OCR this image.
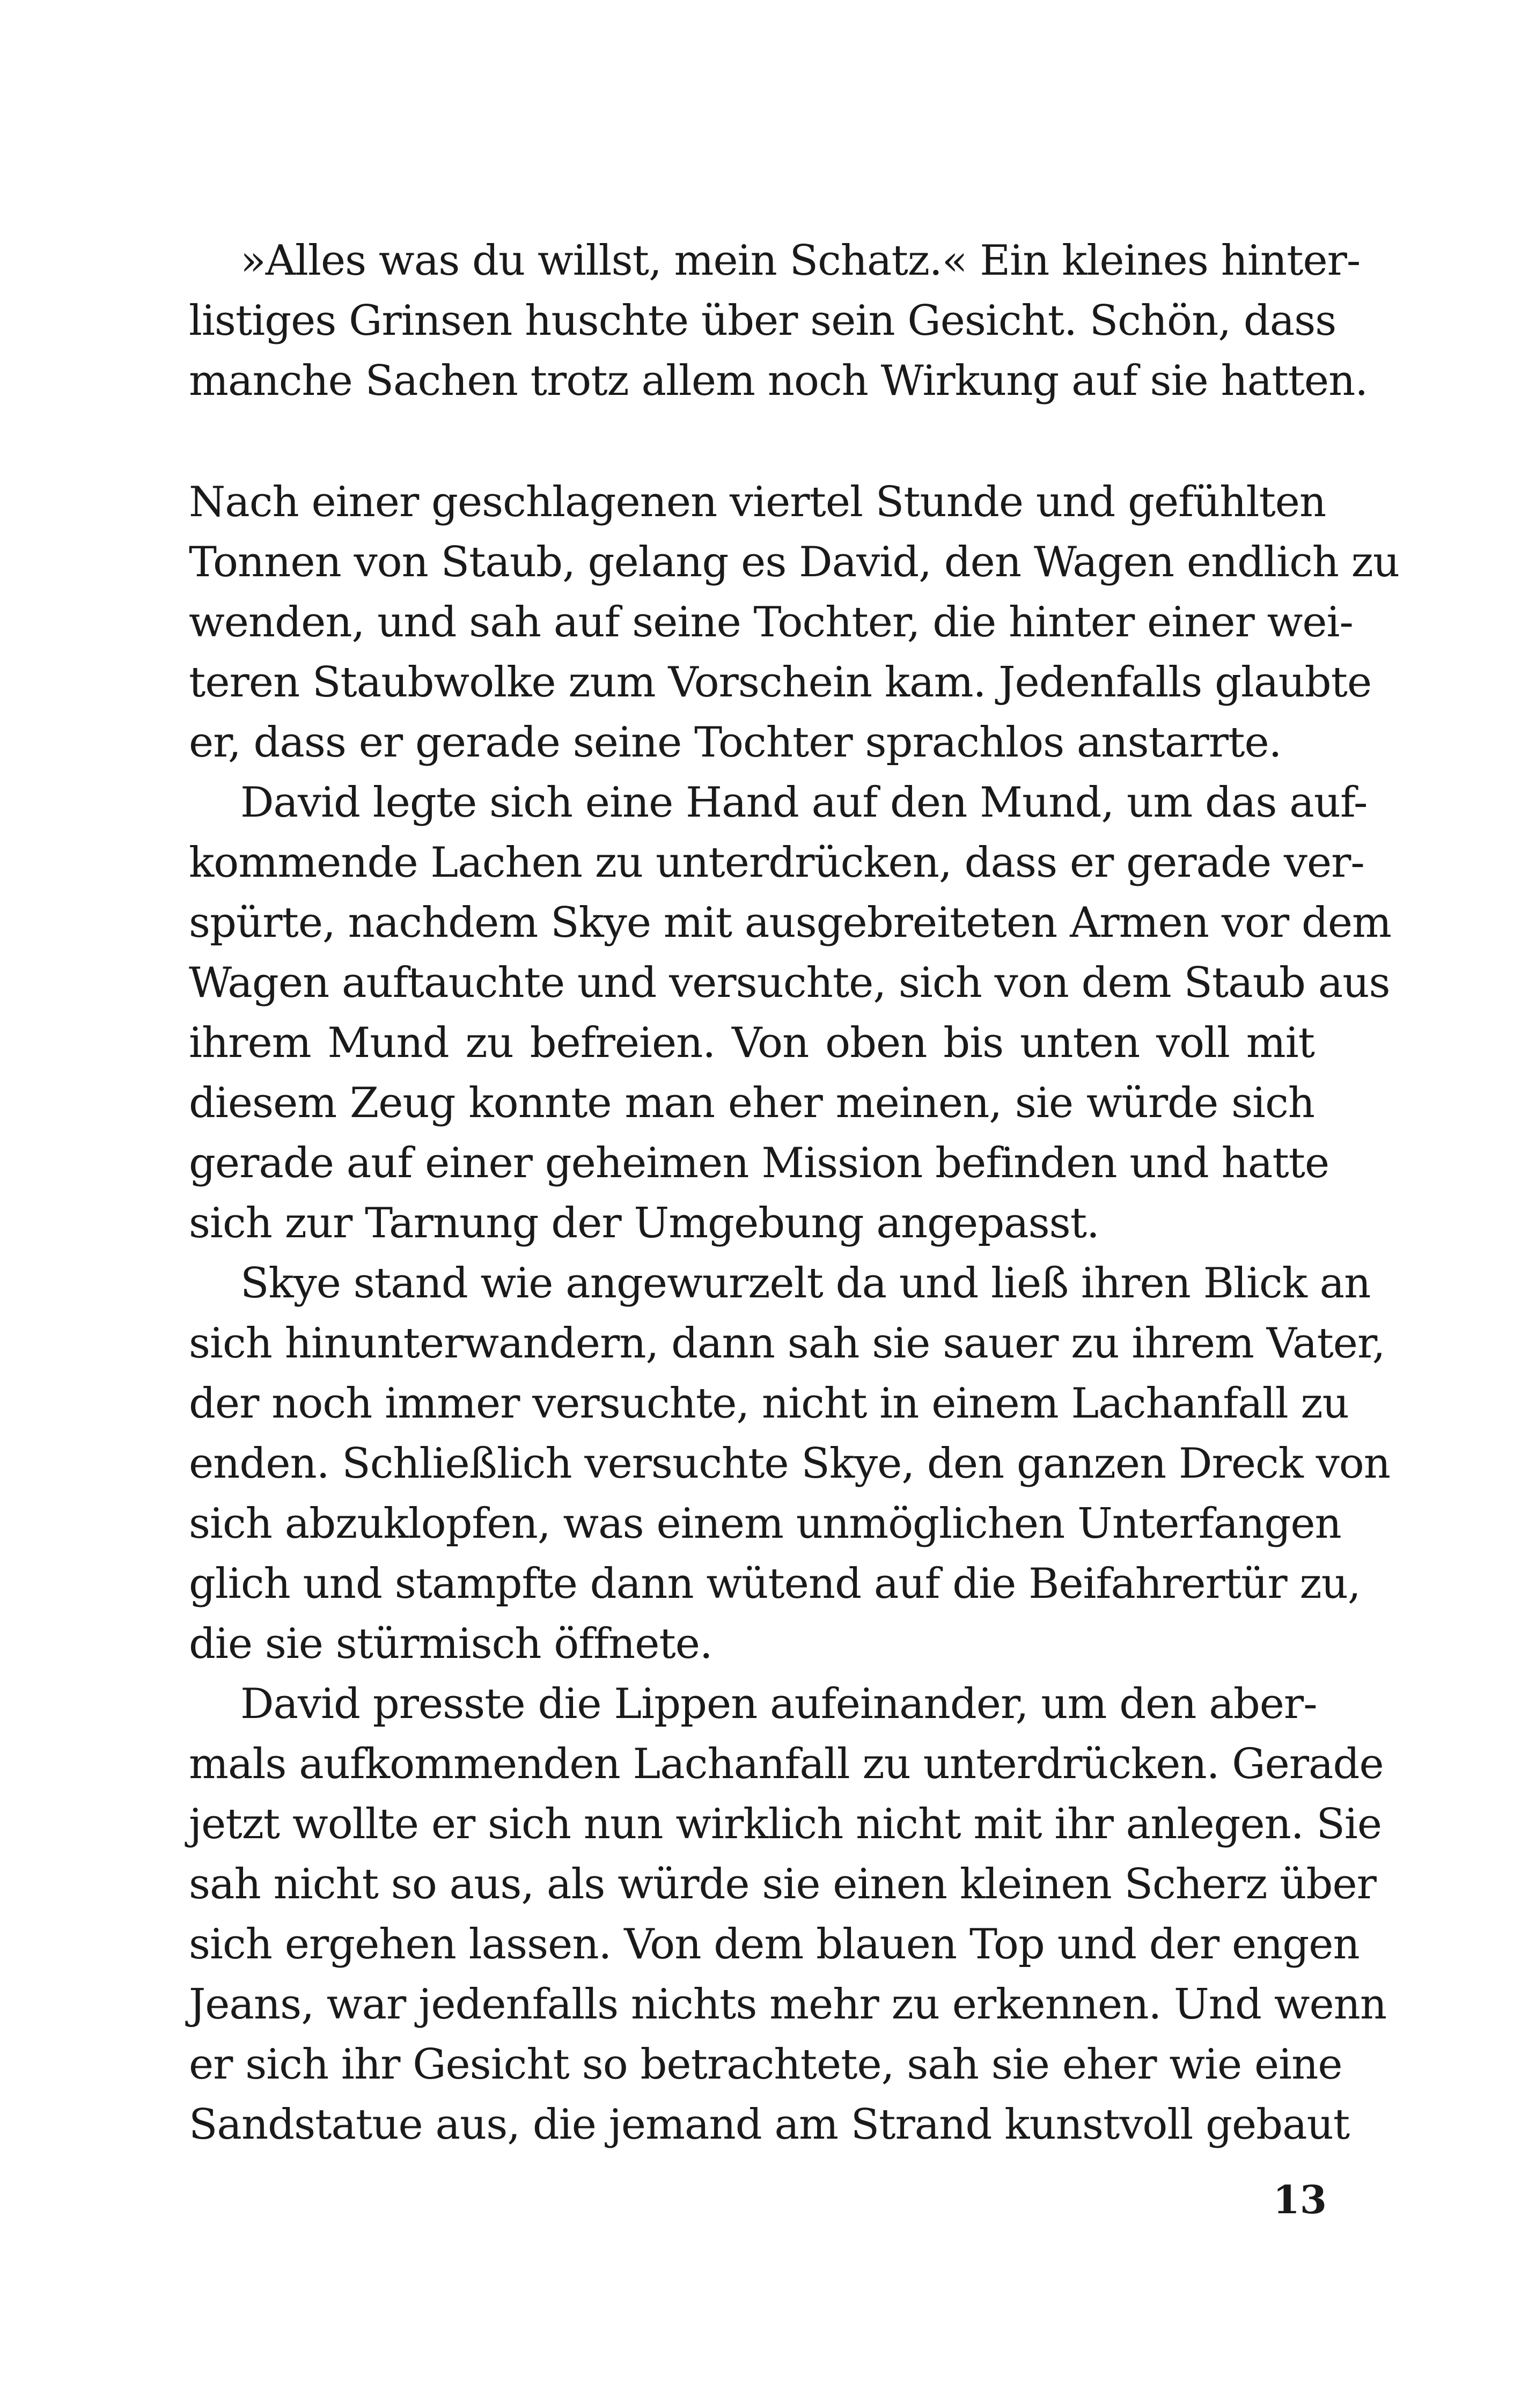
»Alles was du willst, mein Schatz.« Ein kleines hinter-
listiges Grinsen huschte über sein Gesicht. Schön, dass
manche Sachen trotz allem noch Wirkung auf sie hatten.
Nach einer geschlagenen viertel Stunde und gefühlten
Tonnen von Staub, gelang es David, den Wagen endlich zu
wenden, und sah auf seine Tochter, die hinter einer wei-
teren Staubwolke zum Vorschein kam. Jedenfalls glaubte
er, dass er gerade seine Tochter sprachlos anstarrte.
David legte sich eine Hand auf den Mund, um das auf-
kommende Lachen zu unterdrücken, dass er gerade ver-
spürte, nachdem Skye mit ausgebreiteten Armen vor dem
Wagen auftauchte und versuchte, sich von dem Staub aus
ihrem Mund zu befreien. Von oben bis unten voll mit
diesem Zeug konnte man eher meinen, sie würde sich
gerade auf einer geheimen Mission befinden und hatte
sich zur Tarnung der Umgebung angepasst.
Skye stand wie angewurzelt da und ließ ihren Blick an
sich hinunterwandern, dann sah sie sauer zu ihrem Vater,
der noch immer versuchte, nicht in einem Lachanfall zu
enden. Schließlich versuchte Skye, den ganzen Dreck von
sich abzuklopfen, was einem unmöglichen Unterfangen
glich und stampfte dann wütend auf die Beifahrertür zu,
die sie stürmisch öffnete.
David presste die Lippen aufeinander, um den aber-
mals aufkommenden Lachanfall zu unterdrücken. Gerade
jetzt wollte er sich nun wirklich nicht mit ihr anlegen. Sie
sah nicht so aus, als würde sie einen kleinen Scherz über
sich ergehen lassen. Von dem blauen Top und der engen
Jeans, war jedenfalls nichts mehr zu erkennen. Und wenn
er sich ihr Gesicht so betrachtete, sah sie eher wie eine
Sandstatue aus, die jemand am Strand kunstvoll gebaut
13
